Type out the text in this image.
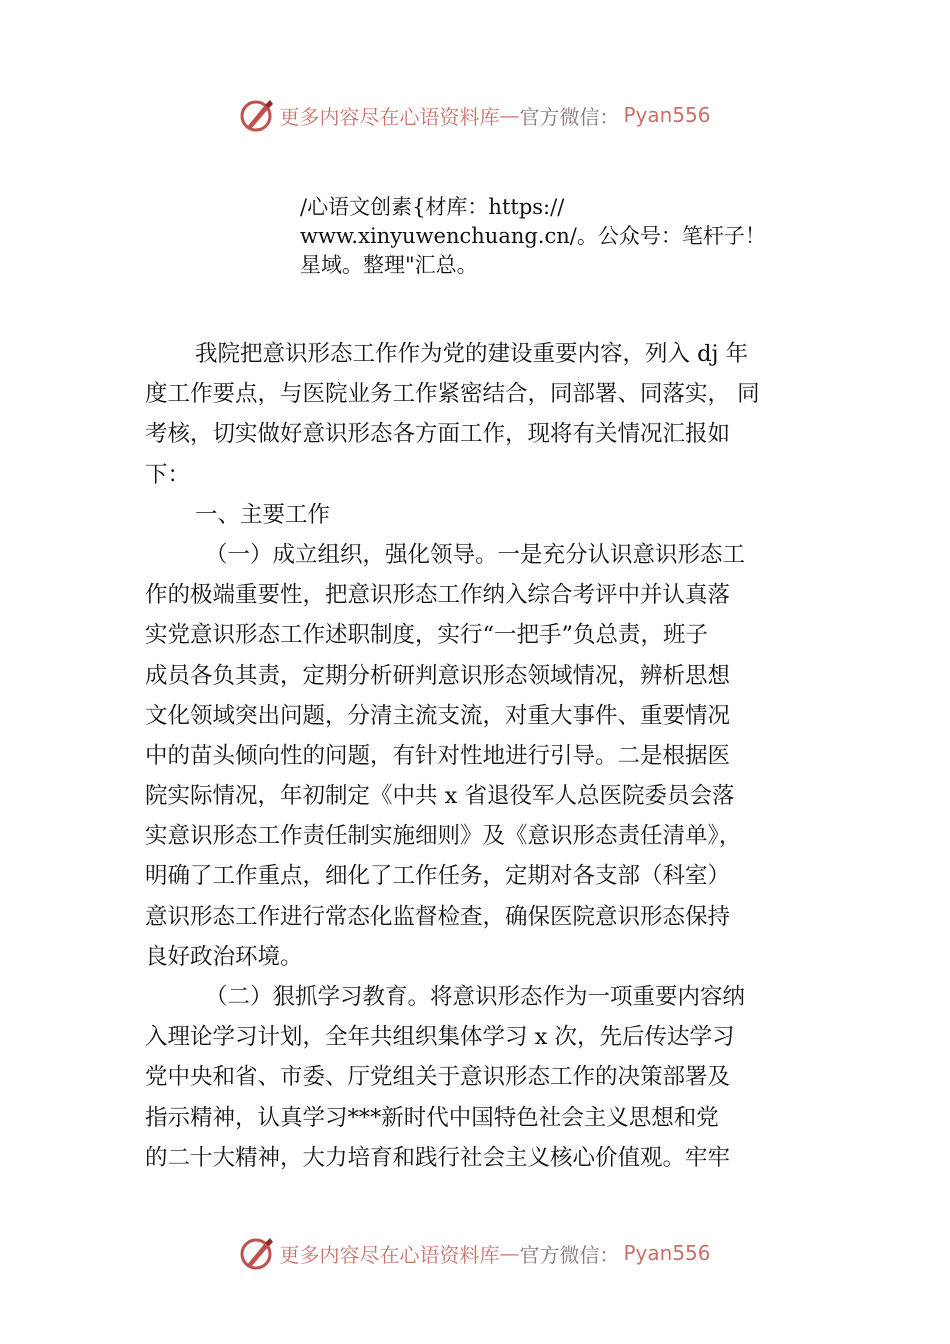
更多内容尽在心语资料库 — 官方微信： Pyan556
/心语文创素{材库：https://
www.xinyuwenchuang.cn/。公众号：笔杆子！
星域。整理"汇总。
我院把意识形态工作作为党的建设重要内容，列入 dj 年
度工作要点，与医院业务工作紧密结合，同部署、同落实， 同
考核，切实做好意识形态各方面工作，现将有关情况汇报如
下：
一、主要工作
（一）成立组织，强化领导。一是充分认识意识形态工
作的极端重要性，把意识形态工作纳入综合考评中并认真落
实党意识形态工作述职制度，实行“一把手”负总责，班子
成员各负其责，定期分析研判意识形态领域情况，辨析思想
文化领域突出问题，分清主流支流，对重大事件、重要情况
中的苗头倾向性的问题，有针对性地进行引导。二是根据医
院实际情况，年初制定《中共 x 省退役军人总医院委员会落
实意识形态工作责任制实施细则》及《意识形态责任清单》，
明确了工作重点，细化了工作任务，定期对各支部（科室）
意识形态工作进行常态化监督检查，确保医院意识形态保持
良好政治环境。
（二）狠抓学习教育。将意识形态作为一项重要内容纳
入理论学习计划，全年共组织集体学习 x 次，先后传达学习
党中央和省、市委、厅党组关于意识形态工作的决策部署及
指示精神，认真学习***新时代中国特色社会主义思想和党
的二十大精神，大力培育和践行社会主义核心价值观。牢牢
更多内容尽在心语资料库 — 官方微信： Pyan556
